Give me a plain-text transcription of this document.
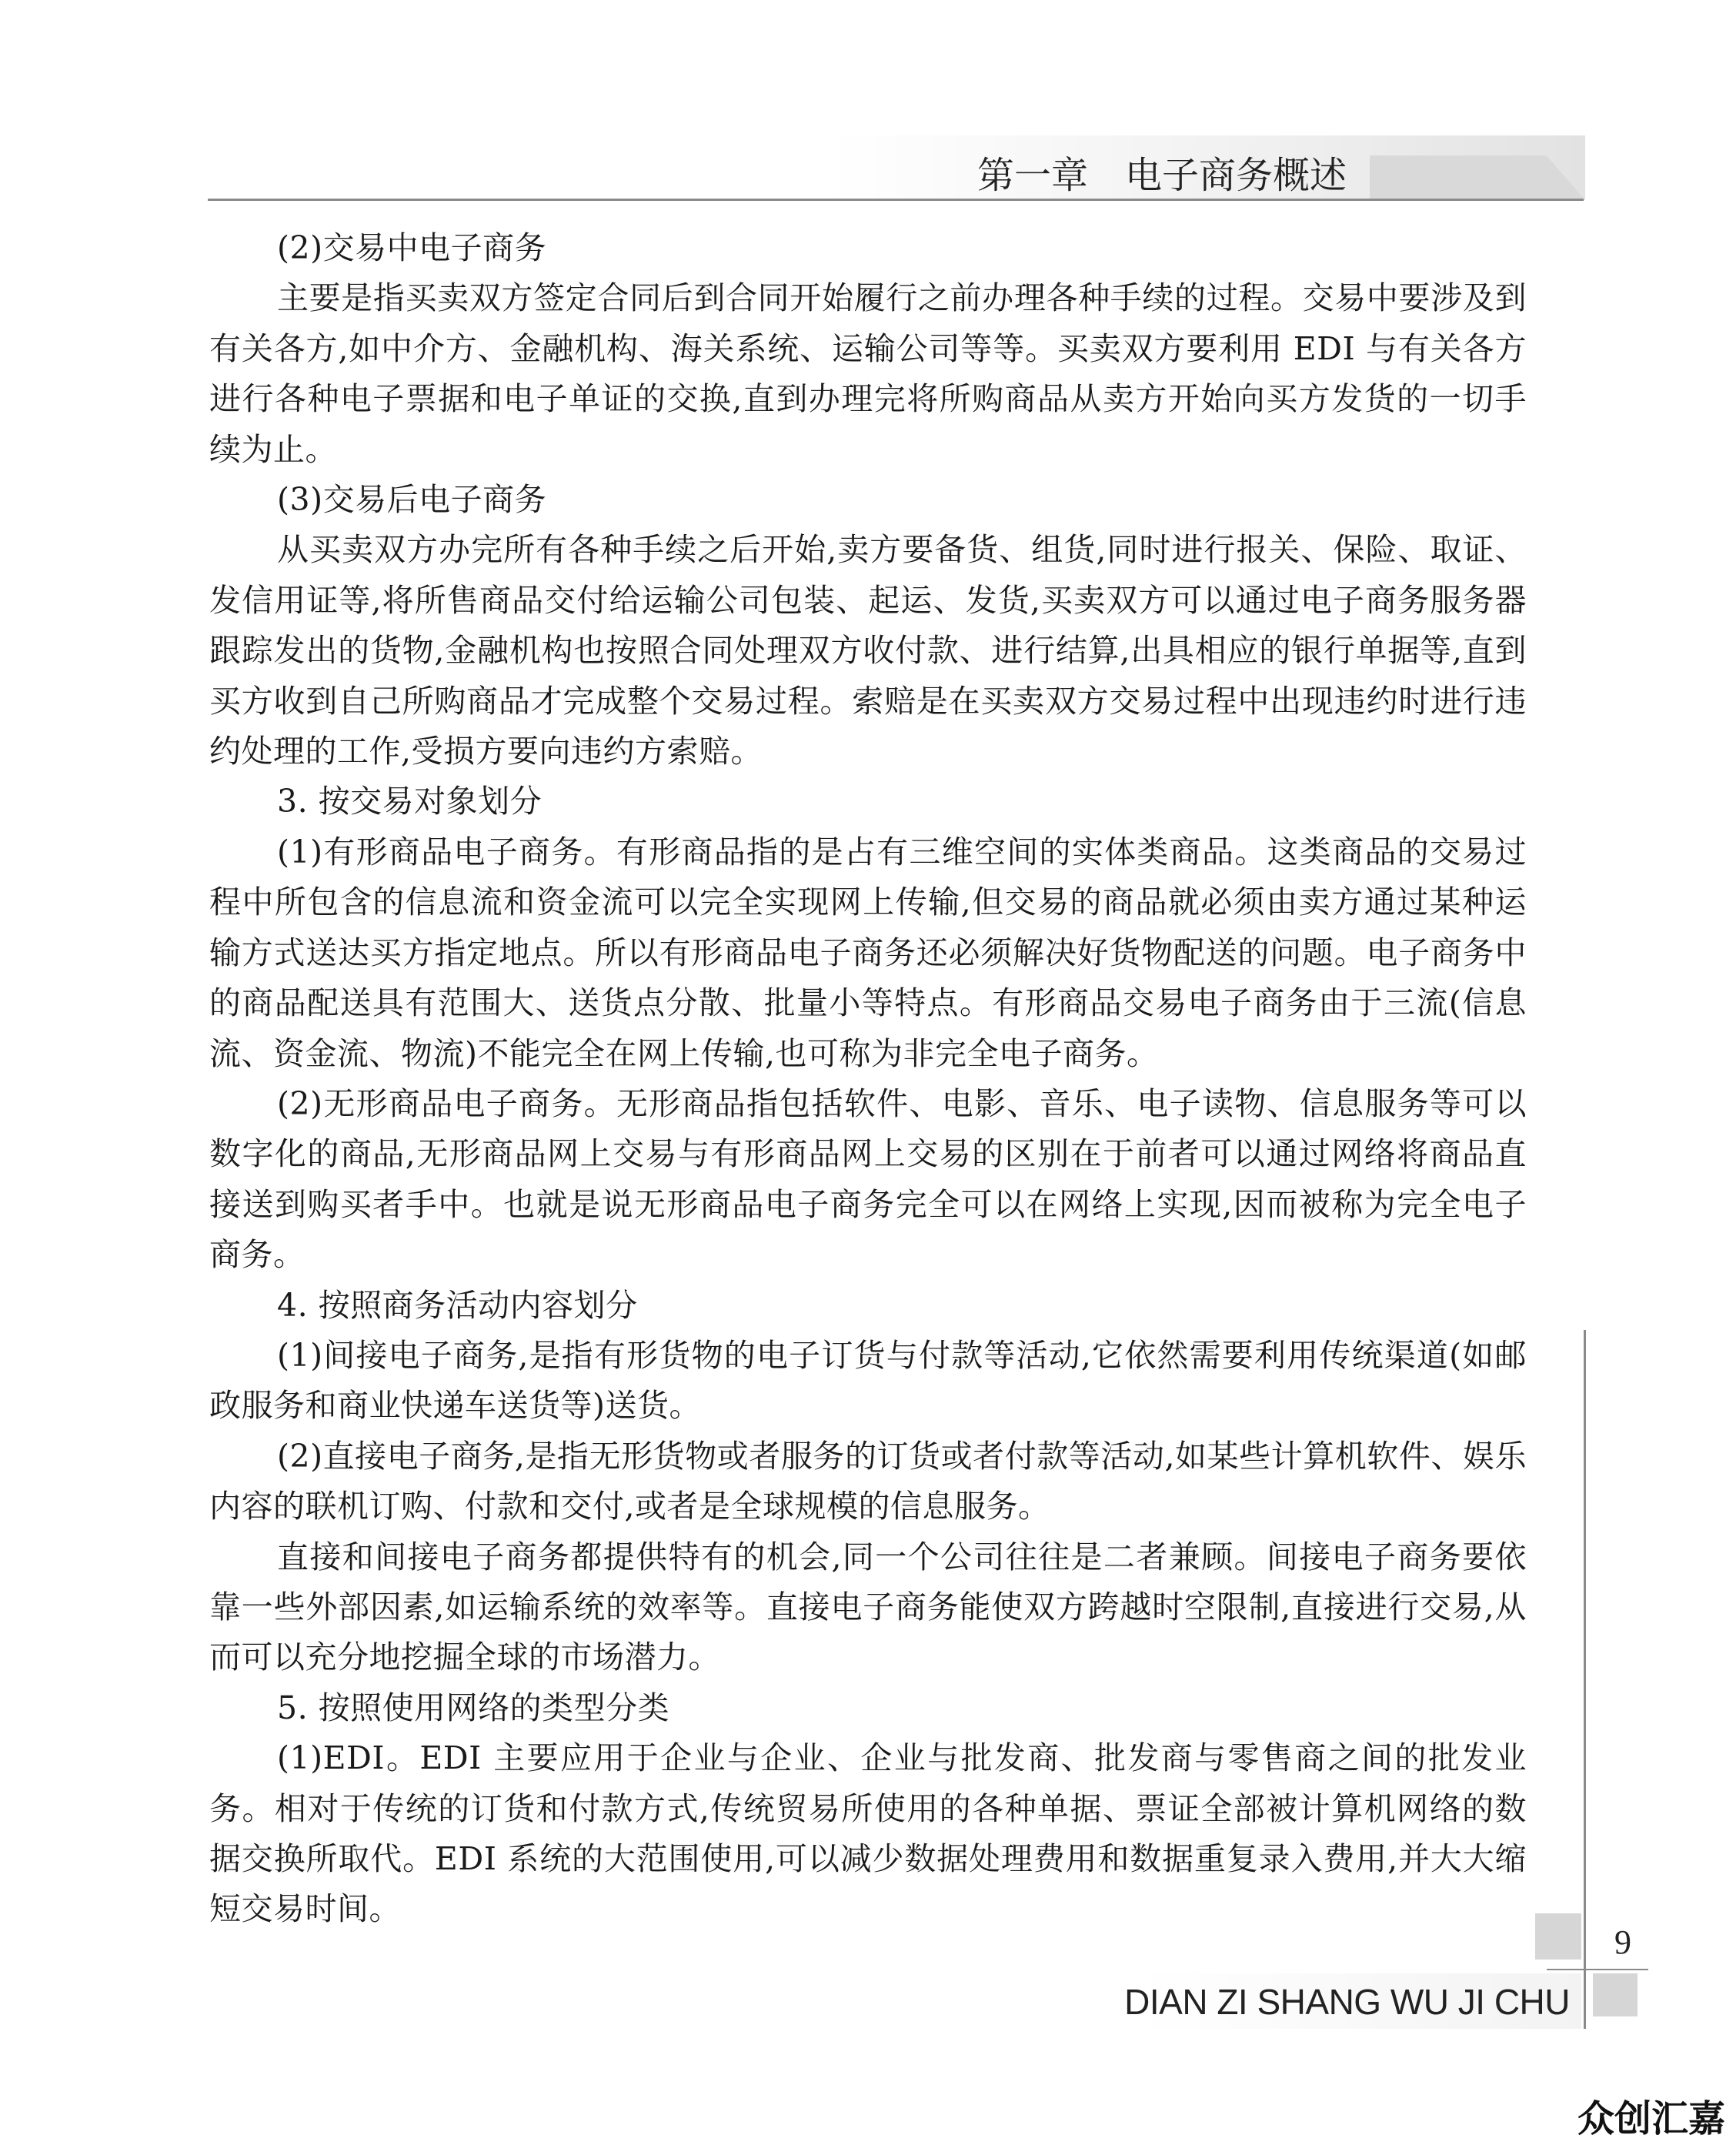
第一章　电子商务概述

(2)交易中电子商务

主要是指买卖双方签定合同后到合同开始履行之前办理各种手续的过程。交易中要涉及到有关各方,如中介方、金融机构、海关系统、运输公司等等。买卖双方要利用 EDI 与有关各方进行各种电子票据和电子单证的交换,直到办理完将所购商品从卖方开始向买方发货的一切手续为止。

(3)交易后电子商务

从买卖双方办完所有各种手续之后开始,卖方要备货、组货,同时进行报关、保险、取证、发信用证等,将所售商品交付给运输公司包装、起运、发货,买卖双方可以通过电子商务服务器跟踪发出的货物,金融机构也按照合同处理双方收付款、进行结算,出具相应的银行单据等,直到买方收到自己所购商品才完成整个交易过程。索赔是在买卖双方交易过程中出现违约时进行违约处理的工作,受损方要向违约方索赔。

3. 按交易对象划分

(1)有形商品电子商务。有形商品指的是占有三维空间的实体类商品。这类商品的交易过程中所包含的信息流和资金流可以完全实现网上传输,但交易的商品就必须由卖方通过某种运输方式送达买方指定地点。所以有形商品电子商务还必须解决好货物配送的问题。电子商务中的商品配送具有范围大、送货点分散、批量小等特点。有形商品交易电子商务由于三流(信息流、资金流、物流)不能完全在网上传输,也可称为非完全电子商务。

(2)无形商品电子商务。无形商品指包括软件、电影、音乐、电子读物、信息服务等可以数字化的商品,无形商品网上交易与有形商品网上交易的区别在于前者可以通过网络将商品直接送到购买者手中。也就是说无形商品电子商务完全可以在网络上实现,因而被称为完全电子商务。

4. 按照商务活动内容划分

(1)间接电子商务,是指有形货物的电子订货与付款等活动,它依然需要利用传统渠道(如邮政服务和商业快递车送货等)送货。

(2)直接电子商务,是指无形货物或者服务的订货或者付款等活动,如某些计算机软件、娱乐内容的联机订购、付款和交付,或者是全球规模的信息服务。

直接和间接电子商务都提供特有的机会,同一个公司往往是二者兼顾。间接电子商务要依靠一些外部因素,如运输系统的效率等。直接电子商务能使双方跨越时空限制,直接进行交易,从而可以充分地挖掘全球的市场潜力。

5. 按照使用网络的类型分类

(1)EDI。EDI 主要应用于企业与企业、企业与批发商、批发商与零售商之间的批发业务。相对于传统的订货和付款方式,传统贸易所使用的各种单据、票证全部被计算机网络的数据交换所取代。EDI 系统的大范围使用,可以减少数据处理费用和数据重复录入费用,并大大缩短交易时间。

9
DIAN ZI SHANG WU JI CHU
众创汇嘉
